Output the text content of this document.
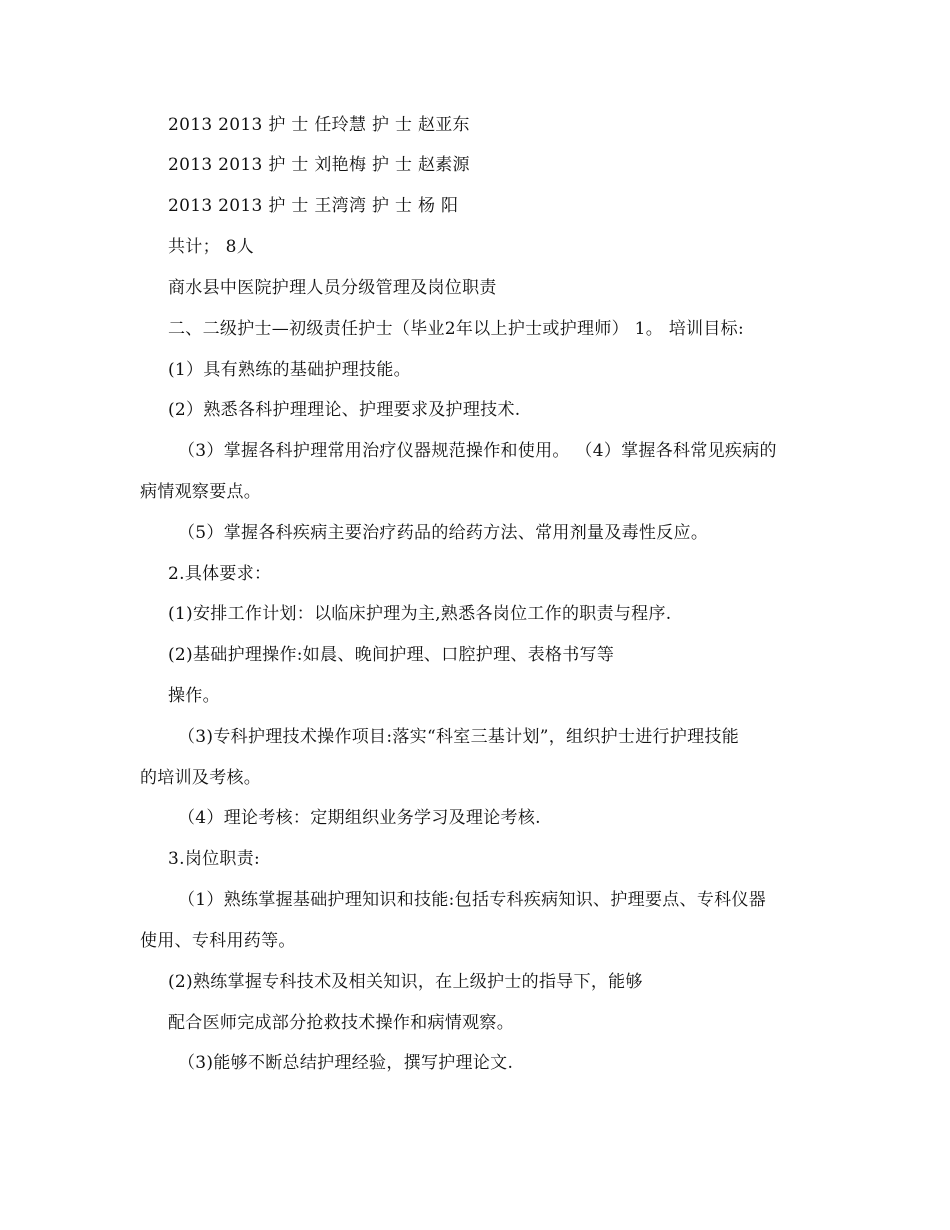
2013 2013 护 士 任玲慧 护 士 赵亚东
2013 2013 护 士 刘艳梅 护 士 赵素源
2013 2013 护 士 王湾湾 护 士 杨 阳
共计； 8人
商水县中医院护理人员分级管理及岗位职责
二、二级护士—初级责任护士（毕业2年以上护士或护理师） 1。 培训目标:
(1）具有熟练的基础护理技能。
(2）熟悉各科护理理论、护理要求及护理技术.
（3）掌握各科护理常用治疗仪器规范操作和使用。 （4）掌握各科常见疾病的
病情观察要点。
（5）掌握各科疾病主要治疗药品的给药方法、常用剂量及毒性反应。
2.具体要求：
(1)安排工作计划：以临床护理为主,熟悉各岗位工作的职责与程序.
(2)基础护理操作:如晨、晚间护理、口腔护理、表格书写等
操作。
（3)专科护理技术操作项目:落实“科室三基计划”，组织护士进行护理技能
的培训及考核。
（4）理论考核：定期组织业务学习及理论考核.
3.岗位职责:
（1）熟练掌握基础护理知识和技能:包括专科疾病知识、护理要点、专科仪器
使用、专科用药等。
(2)熟练掌握专科技术及相关知识，在上级护士的指导下，能够
配合医师完成部分抢救技术操作和病情观察。
（3)能够不断总结护理经验，撰写护理论文.
